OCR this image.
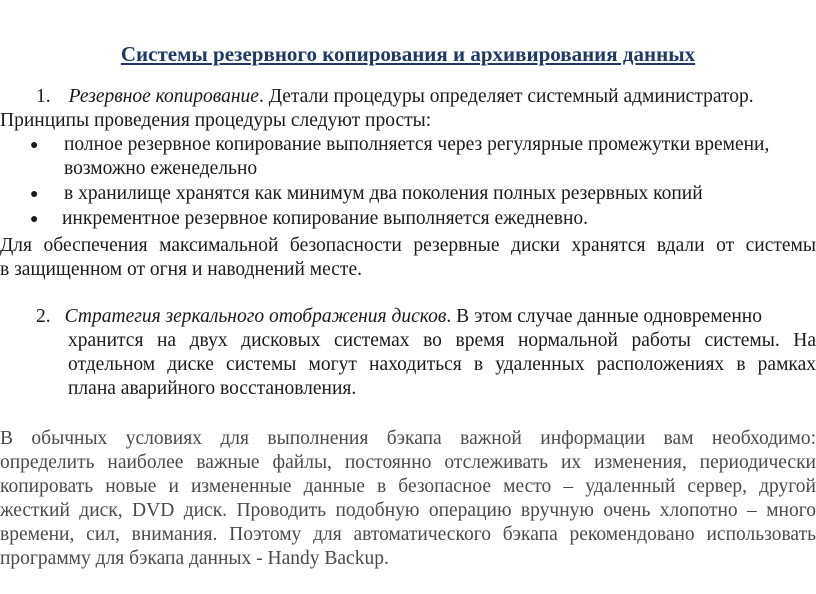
Системы резервного копирования и архивирования данных
1. Резервное копирование. Детали процедуры определяет системный администратор.
Принципы проведения процедуры следуют просты:
● полное резервное копирование выполняется через регулярные промежутки времени,
возможно еженедельно
● в хранилище хранятся как минимум два поколения полных резервных копий
● инкрементное резервное копирование выполняется ежедневно.
Для обеспечения максимальной безопасности резервные диски хранятся вдали от системы
в защищенном от огня и наводнений месте.
2. Стратегия зеркального отображения дисков. В этом случае данные одновременно
хранится на двух дисковых системах во время нормальной работы системы. На
отдельном диске системы могут находиться в удаленных расположениях в рамках
плана аварийного восстановления.
В обычных условиях для выполнения бэкапа важной информации вам необходимо:
определить наиболее важные файлы, постоянно отслеживать их изменения, периодически
копировать новые и измененные данные в безопасное место – удаленный сервер, другой
жесткий диск, DVD диск. Проводить подобную операцию вручную очень хлопотно – много
времени, сил, внимания. Поэтому для автоматического бэкапа рекомендовано использовать
программу для бэкапа данных - Handy Backup.
